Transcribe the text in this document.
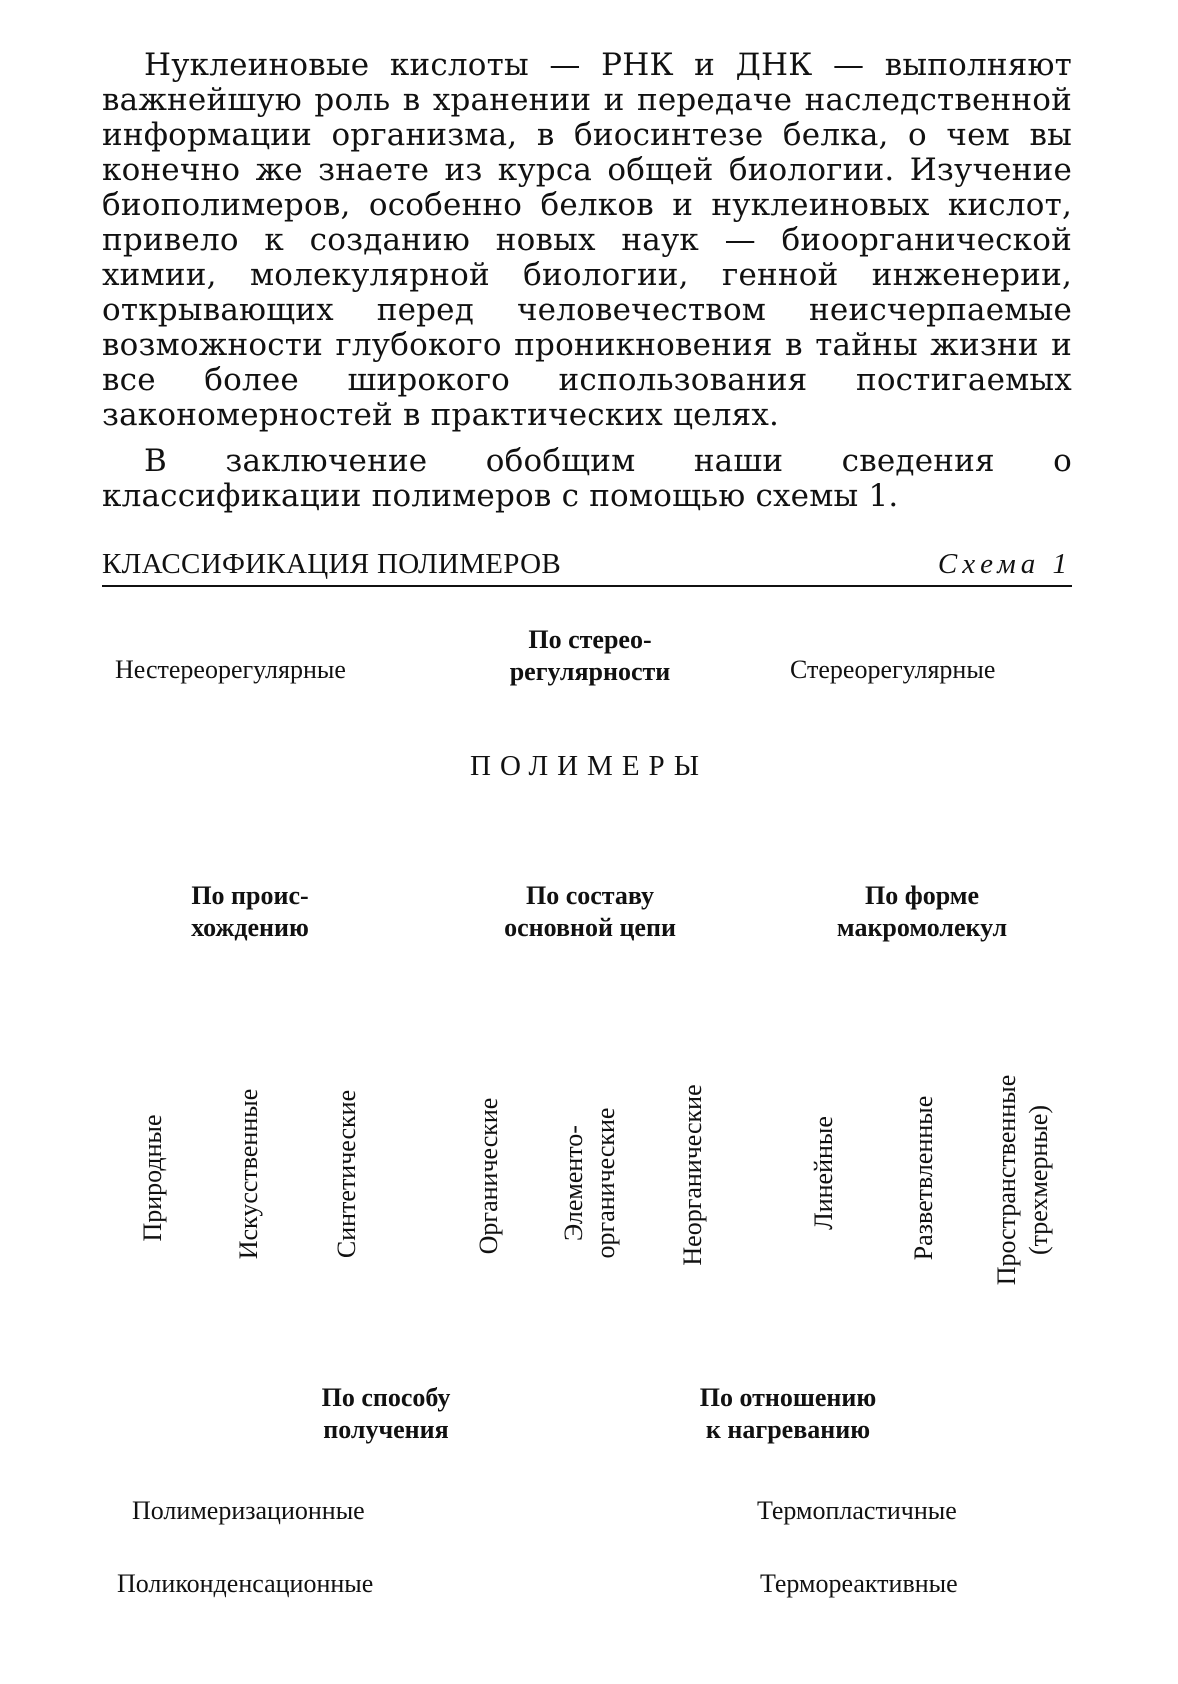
Нуклеиновые кислоты — РНК и ДНК — выполняют важнейшую роль в хранении и передаче наследственной информации организма, в биосинтезе белка, о чем вы конечно же знаете из курса общей биологии. Изучение биополимеров, особенно белков и нуклеиновых кислот, привело к созданию новых наук — биоорганической химии, молекулярной биологии, генной инженерии, открывающих перед человечеством неисчерпаемые возможности глубокого проникновения в тайны жизни и все более широкого использования постигаемых закономерностей в практических целях.

В заключение обобщим наши сведения о классификации полимеров с помощью схемы 1.

КЛАССИФИКАЦИЯ ПОЛИМЕРОВ	Схема 1
Нестереорегулярные
По стерео-
регулярности	Стереорегулярные
ПОЛИМЕРЫ
По проис-
хождению
По составу
основной цепи
По форме
макромолекул
Природные	Искусственные	Синтетические	Органические Элементо- органические Неорганические	Линейные	Разветвленные Пространственные (трехмерные)
По способу
получения
По отношению
к нагреванию
Полимеризационные
Поликонденсационные
Термопластичные
Термореактивные
